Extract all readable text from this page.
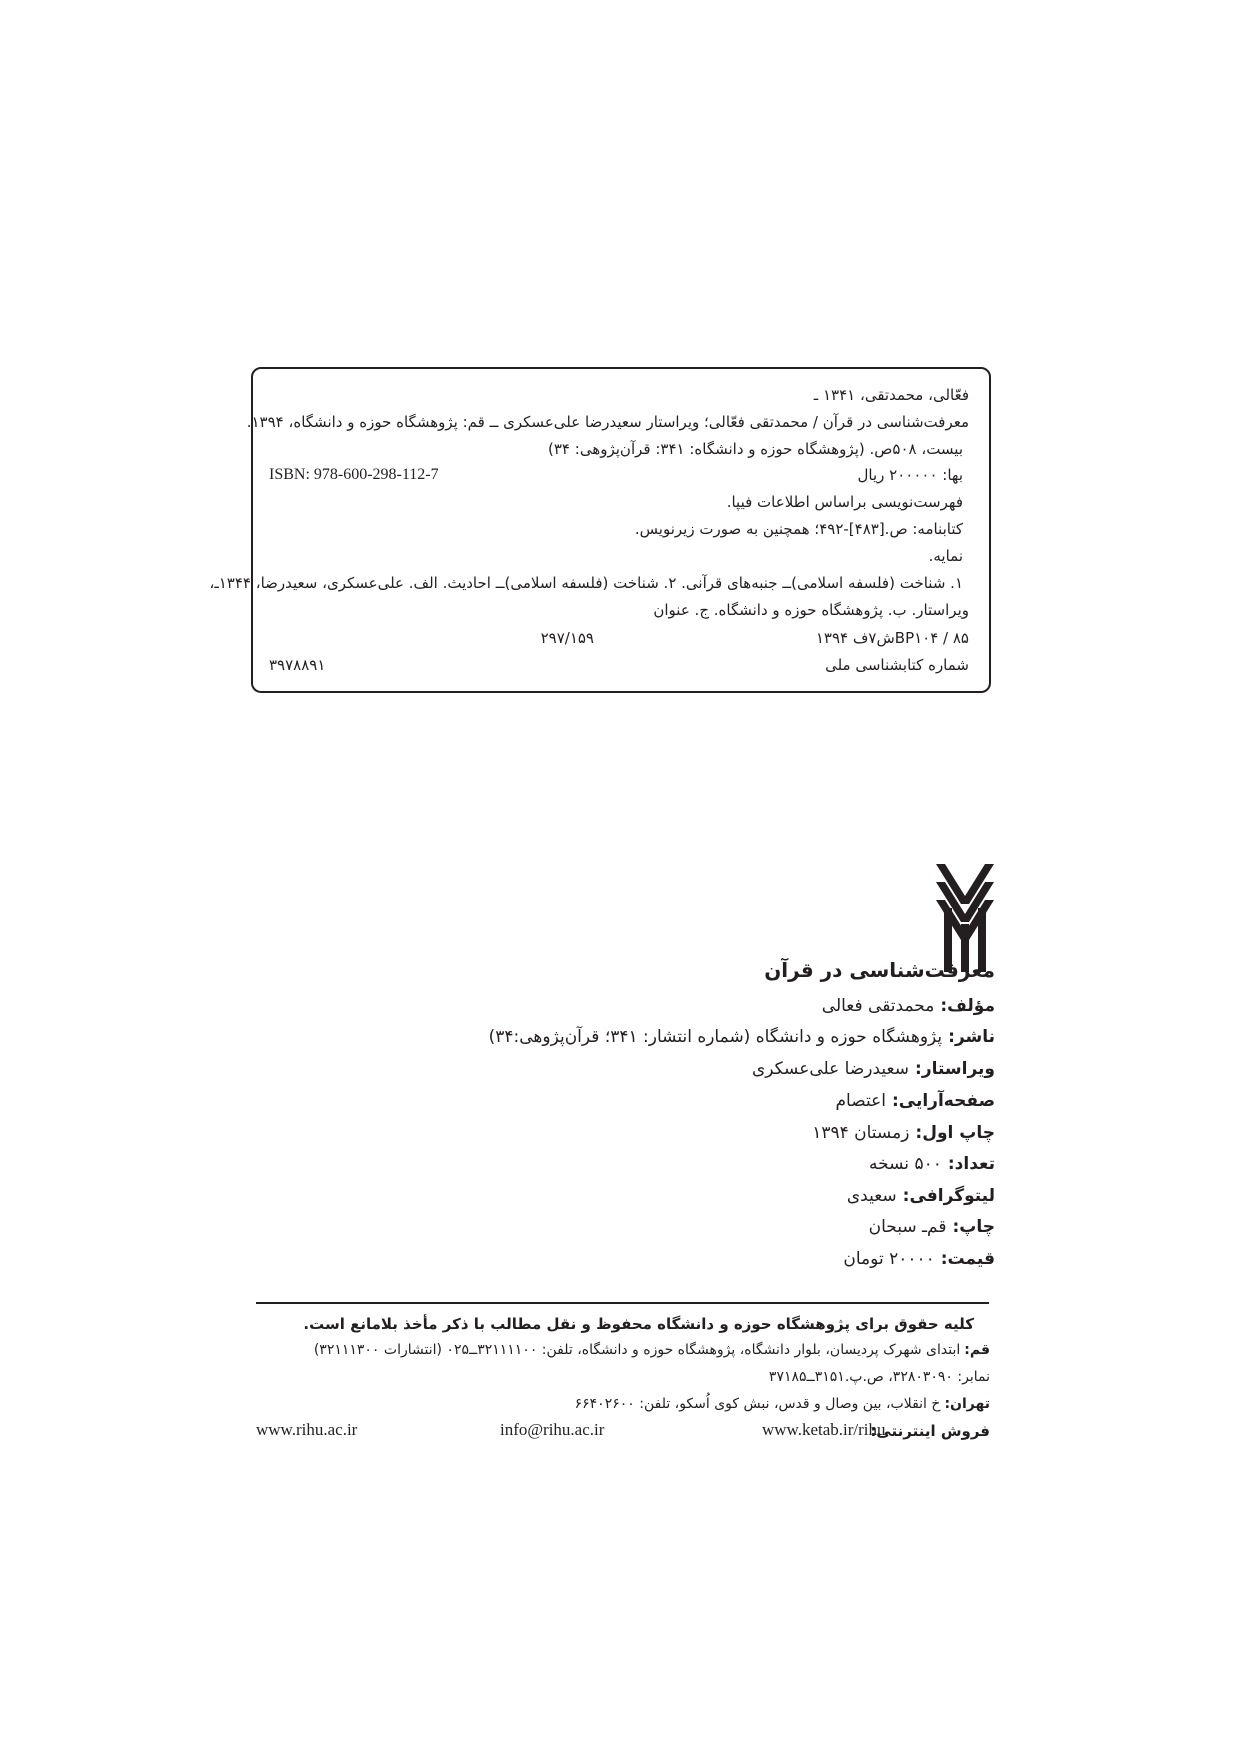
فعّالی، محمدتقی، ۱۳۴۱ ـ
معرفت‌شناسی در قرآن / محمدتقی فعّالی؛ ویراستار سعیدرضا علی‌عسکری ــ قم: پژوهشگاه حوزه و دانشگاه، ۱۳۹۴.
بیست، ۵۰۸ص. (پژوهشگاه حوزه و دانشگاه: ۳۴۱: قرآن‌پژوهی: ۳۴)
ISBN: 978-600-298-112-7	بها: ۲۰۰۰۰۰ ریال
فهرست‌نویسی براساس اطلاعات فیپا.
کتابنامه: ص.[۴۸۳]-۴۹۲؛ همچنین به صورت زیرنویس.
نمایه.
۱. شناخت (فلسفه اسلامی)ــ جنبه‌های قرآنی. ۲. شناخت (فلسفه اسلامی)ــ احادیث. الف. علی‌عسکری، سعیدرضا، ۱۳۴۴ـ،
ویراستار. ب. پژوهشگاه حوزه و دانشگاه. ج. عنوان
BP۱۰۴ / ۸۵ش۷ف ۱۳۹۴
۲۹۷/۱۵۹
شماره کتابشناسی ملی
۳۹۷۸۸۹۱
معرفت‌شناسی در قرآن
مؤلف:محمدتقی فعالی
ناشر:پژوهشگاه حوزه و دانشگاه (شماره انتشار: ۳۴۱؛ قرآن‌پژوهی:۳۴)
ویراستار:سعیدرضا علی‌عسکری
صفحه‌آرایی:اعتصام
چاپ اول:زمستان ۱۳۹۴
تعداد:۵۰۰ نسخه
لیتوگرافی:سعیدی
چاپ:قم‌ـ سبحان
قیمت:۲۰۰۰۰ تومان
کلیه حقوق برای پژوهشگاه حوزه و دانشگاه محفوظ و نقل مطالب با ذکر مأخذ بلامانع است.
قم:ابتدای شهرک پردیسان، بلوار دانشگاه، پژوهشگاه حوزه و دانشگاه، تلفن: ۳۲۱۱۱۱۰۰ــ۰۲۵ (انتشارات ۳۲۱۱۱۳۰۰)
نمابر: ۳۲۸۰۳۰۹۰، ص.پ.۳۱۵۱ــ۳۷۱۸۵
تهران:خ انقلاب، بین وصال و قدس، نبش کوی اُسکو، تلفن: ۶۶۴۰۲۶۰۰
فروش اینترنتی:
www.ketab.ir/rihu
info@rihu.ac.ir
www.rihu.ac.ir
